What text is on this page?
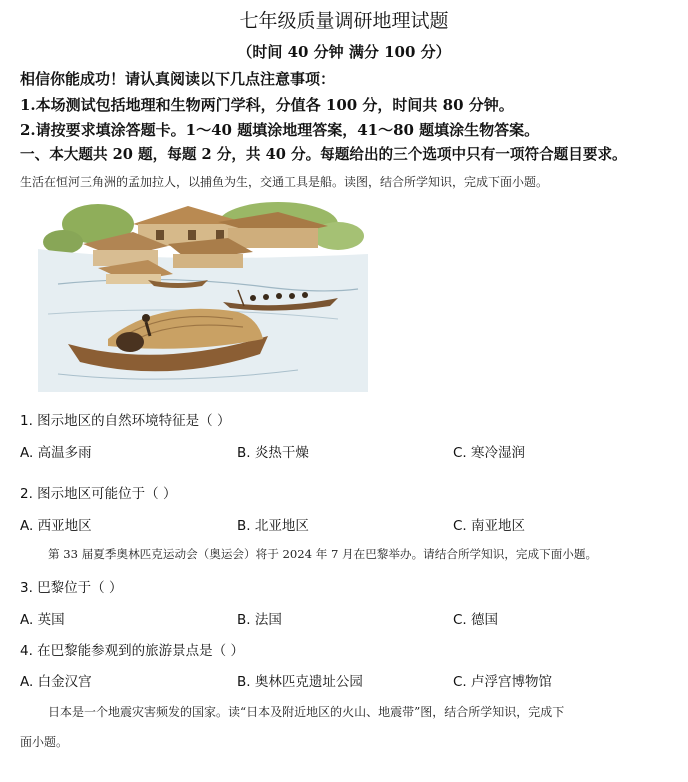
七年级质量调研地理试题
（时间 40 分钟 满分 100 分）
相信你能成功！请认真阅读以下几点注意事项：
1.本场测试包括地理和生物两门学科，分值各 100 分，时间共 80 分钟。
2.请按要求填涂答题卡。1～40 题填涂地理答案，41～80 题填涂生物答案。
一、本大题共 20 题，每题 2 分，共 40 分。每题给出的三个选项中只有一项符合题目要求。
生活在恒河三角洲的孟加拉人，以捕鱼为生，交通工具是船。读图，结合所学知识，完成下面小题。
1. 图示地区的自然环境特征是（ ）
A. 高温多雨	B. 炎热干燥	C. 寒冷湿润
2. 图示地区可能位于（ ）
A. 西亚地区	B. 北亚地区	C. 南亚地区
第 33 届夏季奥林匹克运动会（奥运会）将于 2024 年 7 月在巴黎举办。请结合所学知识，完成下面小题。
3. 巴黎位于（ ）
A. 英国	B. 法国	C. 德国
4. 在巴黎能参观到的旅游景点是（ ）
A. 白金汉宫	B. 奥林匹克遗址公园	C. 卢浮宫博物馆
日本是一个地震灾害频发的国家。读“日本及附近地区的火山、地震带”图，结合所学知识，完成下
面小题。
